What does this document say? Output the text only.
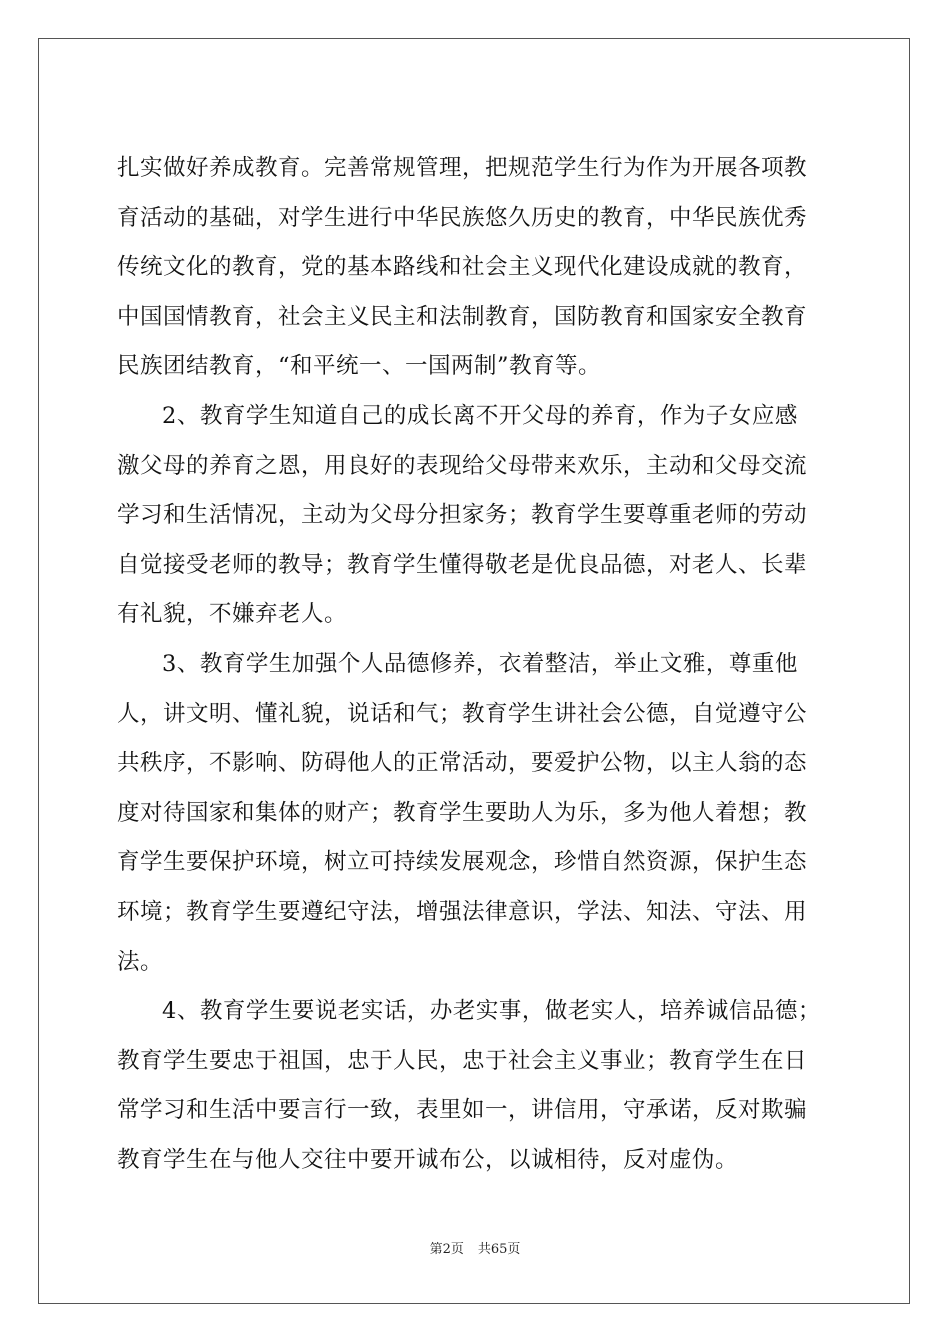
扎实做好养成教育。完善常规管理，把规范学生行为作为开展各项教
育活动的基础，对学生进行中华民族悠久历史的教育，中华民族优秀
传统文化的教育，党的基本路线和社会主义现代化建设成就的教育，
中国国情教育，社会主义民主和法制教育，国防教育和国家安全教育
民族团结教育，“和平统一、一国两制”教育等。
2、教育学生知道自己的成长离不开父母的养育，作为子女应感
激父母的养育之恩，用良好的表现给父母带来欢乐，主动和父母交流
学习和生活情况，主动为父母分担家务；教育学生要尊重老师的劳动
自觉接受老师的教导；教育学生懂得敬老是优良品德，对老人、长辈
有礼貌，不嫌弃老人。
3、教育学生加强个人品德修养，衣着整洁，举止文雅，尊重他
人，讲文明、懂礼貌，说话和气；教育学生讲社会公德，自觉遵守公
共秩序，不影响、防碍他人的正常活动，要爱护公物，以主人翁的态
度对待国家和集体的财产；教育学生要助人为乐，多为他人着想；教
育学生要保护环境，树立可持续发展观念，珍惜自然资源，保护生态
环境；教育学生要遵纪守法，增强法律意识，学法、知法、守法、用
法。
4、教育学生要说老实话，办老实事，做老实人，培养诚信品德；
教育学生要忠于祖国，忠于人民，忠于社会主义事业；教育学生在日
常学习和生活中要言行一致，表里如一，讲信用，守承诺，反对欺骗
教育学生在与他人交往中要开诚布公，以诚相待，反对虚伪。
第2页 共65页
